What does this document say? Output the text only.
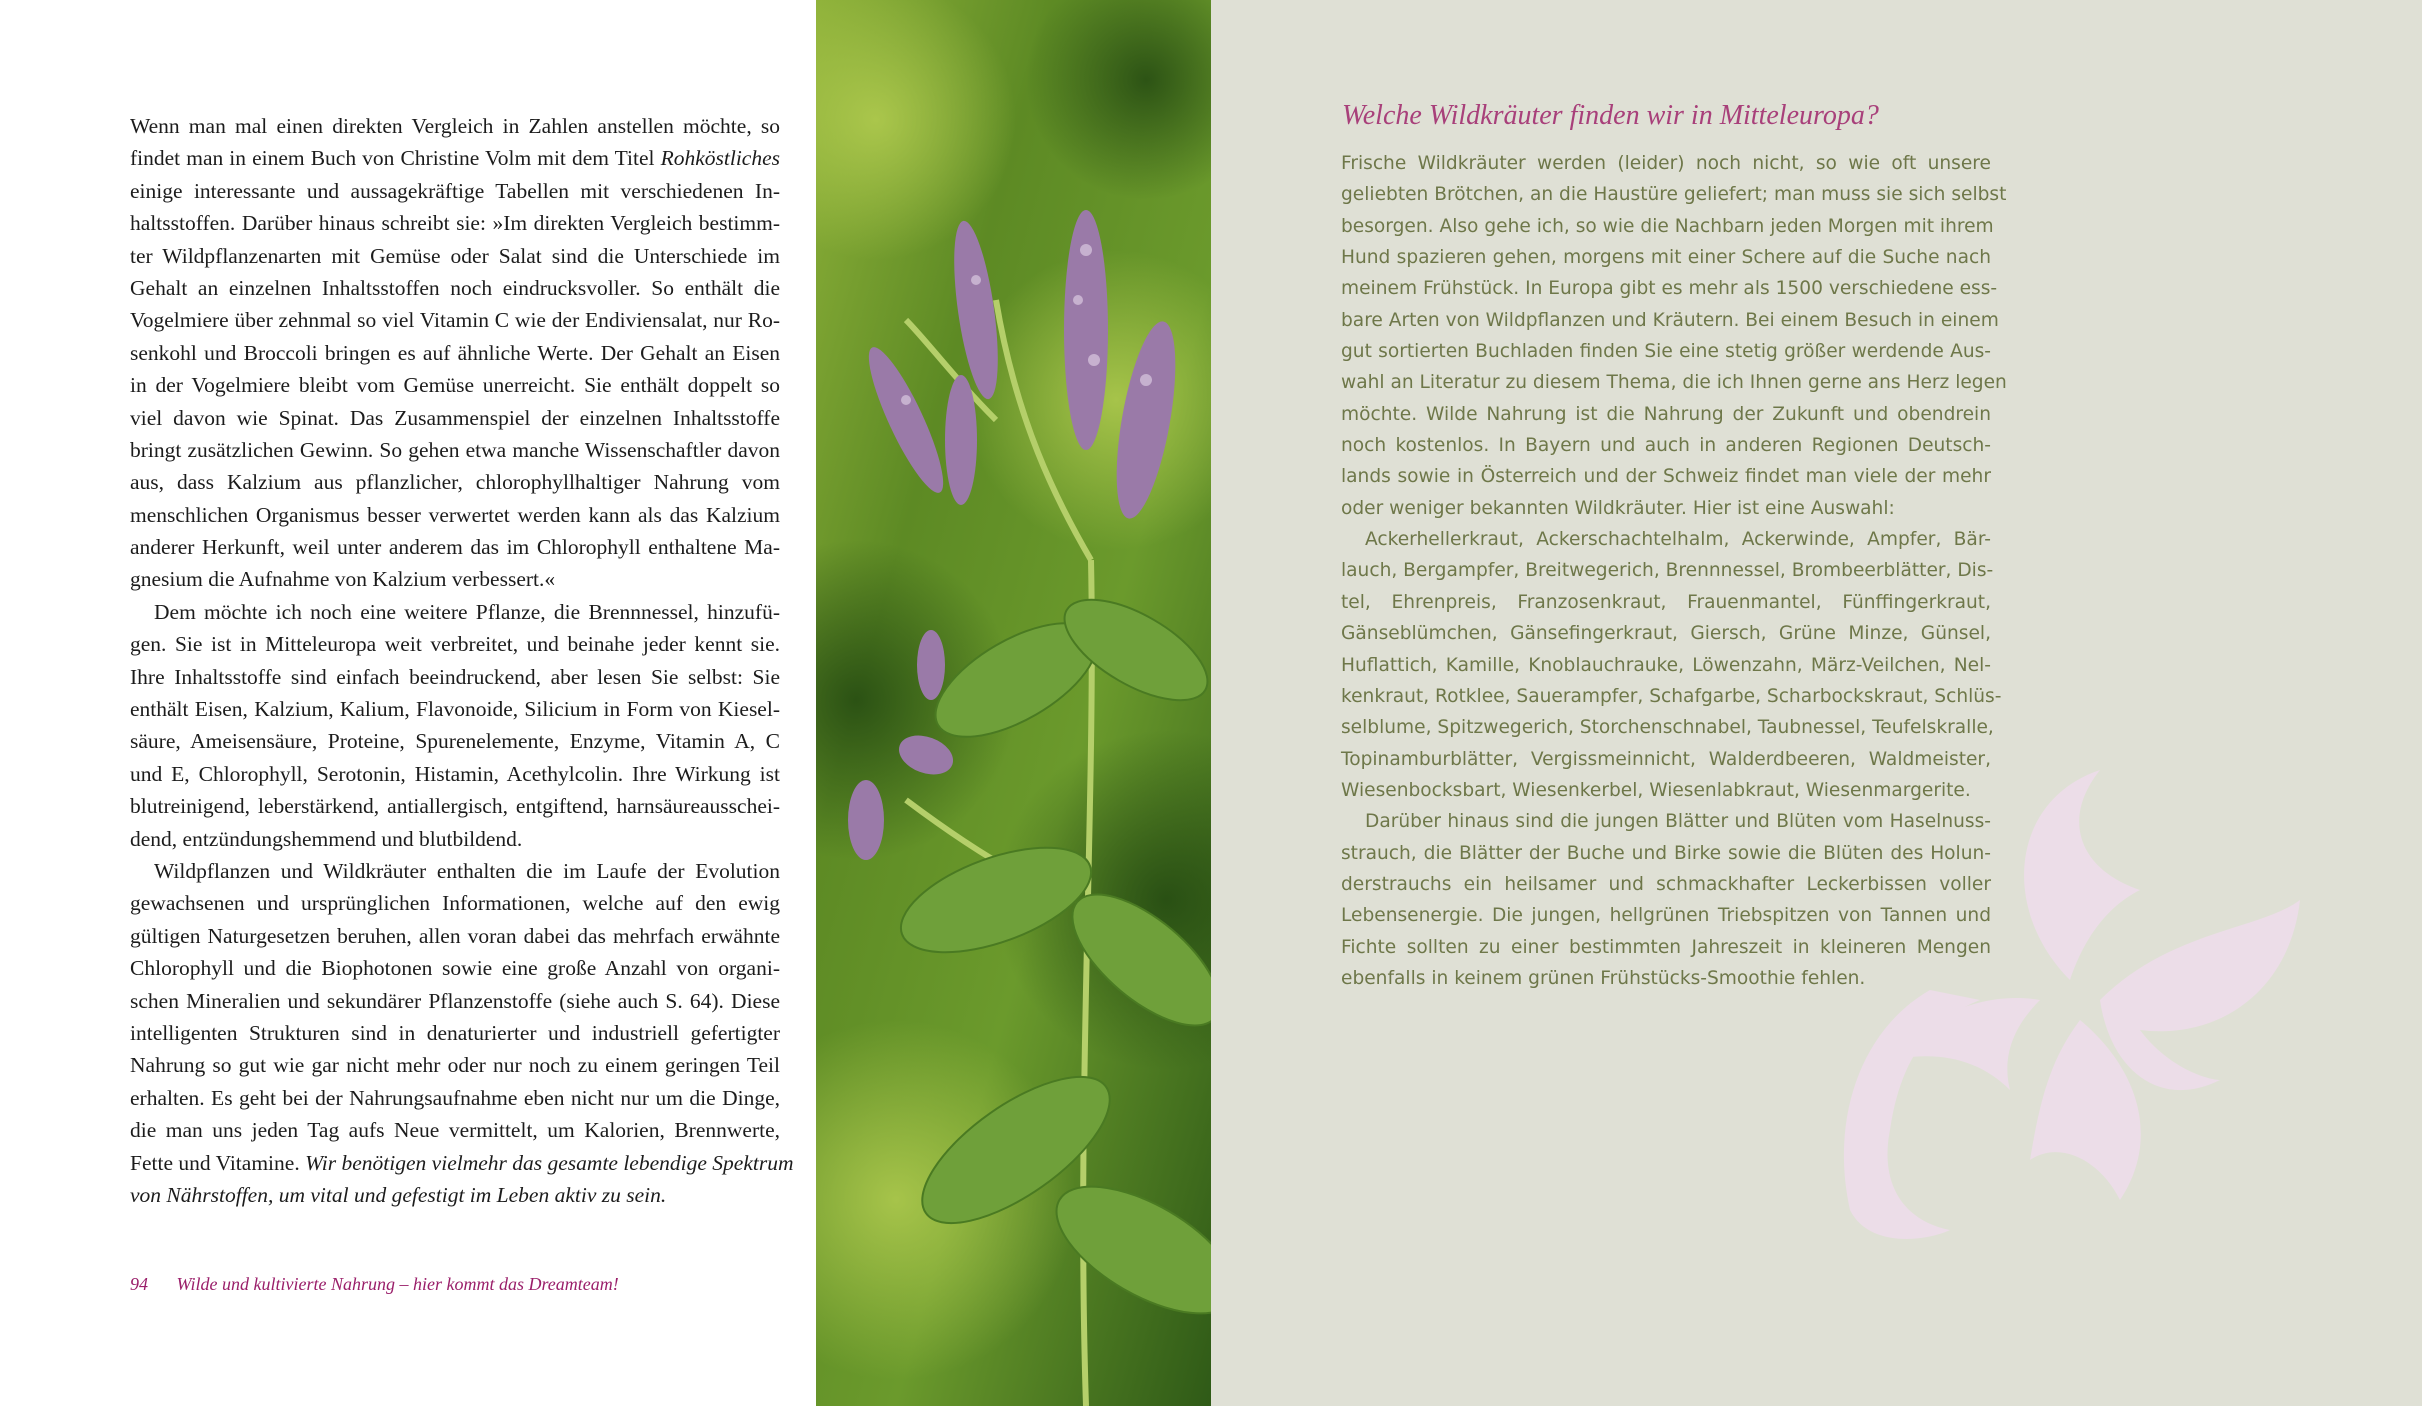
Wenn man mal einen direkten Vergleich in Zahlen anstellen möchte, so
findet man in einem Buch von Christine Volm mit dem Titel Rohköstliches
einige interessante und aussagekräftige Tabellen mit verschiedenen In-
haltsstoffen. Darüber hinaus schreibt sie: »Im direkten Vergleich bestimm-
ter Wildpflanzenarten mit Gemüse oder Salat sind die Unterschiede im
Gehalt an einzelnen Inhaltsstoffen noch eindrucksvoller. So enthält die
Vogelmiere über zehnmal so viel Vitamin C wie der Endiviensalat, nur Ro-
senkohl und Broccoli bringen es auf ähnliche Werte. Der Gehalt an Eisen
in der Vogelmiere bleibt vom Gemüse unerreicht. Sie enthält doppelt so
viel davon wie Spinat. Das Zusammenspiel der einzelnen Inhaltsstoffe
bringt zusätzlichen Gewinn. So gehen etwa manche Wissenschaftler davon
aus, dass Kalzium aus pflanzlicher, chlorophyllhaltiger Nahrung vom
menschlichen Organismus besser verwertet werden kann als das Kalzium
anderer Herkunft, weil unter anderem das im Chlorophyll enthaltene Ma-
gnesium die Aufnahme von Kalzium verbessert.«
Dem möchte ich noch eine weitere Pflanze, die Brennnessel, hinzufü-
gen. Sie ist in Mitteleuropa weit verbreitet, und beinahe jeder kennt sie.
Ihre Inhaltsstoffe sind einfach beeindruckend, aber lesen Sie selbst: Sie
enthält Eisen, Kalzium, Kalium, Flavonoide, Silicium in Form von Kiesel-
säure, Ameisensäure, Proteine, Spurenelemente, Enzyme, Vitamin A, C
und E, Chlorophyll, Serotonin, Histamin, Acethylcolin. Ihre Wirkung ist
blutreinigend, leberstärkend, antiallergisch, entgiftend, harnsäureausschei-
dend, entzündungshemmend und blutbildend.
Wildpflanzen und Wildkräuter enthalten die im Laufe der Evolution
gewachsenen und ursprünglichen Informationen, welche auf den ewig
gültigen Naturgesetzen beruhen, allen voran dabei das mehrfach erwähnte
Chlorophyll und die Biophotonen sowie eine große Anzahl von organi-
schen Mineralien und sekundärer Pflanzenstoffe (siehe auch S. 64). Diese
intelligenten Strukturen sind in denaturierter und industriell gefertigter
Nahrung so gut wie gar nicht mehr oder nur noch zu einem geringen Teil
erhalten. Es geht bei der Nahrungsaufnahme eben nicht nur um die Dinge,
die man uns jeden Tag aufs Neue vermittelt, um Kalorien, Brennwerte,
Fette und Vitamine. Wir benötigen vielmehr das gesamte lebendige Spektrum
von Nährstoffen, um vital und gefestigt im Leben aktiv zu sein.
94 Wilde und kultivierte Nahrung – hier kommt das Dreamteam!
Welche Wildkräuter finden wir in Mitteleuropa?
Frische Wildkräuter werden (leider) noch nicht, so wie oft unsere
geliebten Brötchen, an die Haustüre geliefert; man muss sie sich selbst
besorgen. Also gehe ich, so wie die Nachbarn jeden Morgen mit ihrem
Hund spazieren gehen, morgens mit einer Schere auf die Suche nach
meinem Frühstück. In Europa gibt es mehr als 1500 verschiedene ess-
bare Arten von Wildpflanzen und Kräutern. Bei einem Besuch in einem
gut sortierten Buchladen finden Sie eine stetig größer werdende Aus-
wahl an Literatur zu diesem Thema, die ich Ihnen gerne ans Herz legen
möchte. Wilde Nahrung ist die Nahrung der Zukunft und obendrein
noch kostenlos. In Bayern und auch in anderen Regionen Deutsch-
lands sowie in Österreich und der Schweiz findet man viele der mehr
oder weniger bekannten Wildkräuter. Hier ist eine Auswahl:
Ackerhellerkraut, Ackerschachtelhalm, Ackerwinde, Ampfer, Bär-
lauch, Bergampfer, Breitwegerich, Brennnessel, Brombeerblätter, Dis-
tel, Ehrenpreis, Franzosenkraut, Frauenmantel, Fünffingerkraut,
Gänseblümchen, Gänsefingerkraut, Giersch, Grüne Minze, Günsel,
Huflattich, Kamille, Knoblauchrauke, Löwenzahn, März-Veilchen, Nel-
kenkraut, Rotklee, Sauerampfer, Schafgarbe, Scharbockskraut, Schlüs-
selblume, Spitzwegerich, Storchenschnabel, Taubnessel, Teufelskralle,
Topinamburblätter, Vergissmeinnicht, Walderdbeeren, Waldmeister,
Wiesenbocksbart, Wiesenkerbel, Wiesenlabkraut, Wiesenmargerite.
Darüber hinaus sind die jungen Blätter und Blüten vom Haselnuss-
strauch, die Blätter der Buche und Birke sowie die Blüten des Holun-
derstrauchs ein heilsamer und schmackhafter Leckerbissen voller
Lebensenergie. Die jungen, hellgrünen Triebspitzen von Tannen und
Fichte sollten zu einer bestimmten Jahreszeit in kleineren Mengen
ebenfalls in keinem grünen Frühstücks-Smoothie fehlen.
